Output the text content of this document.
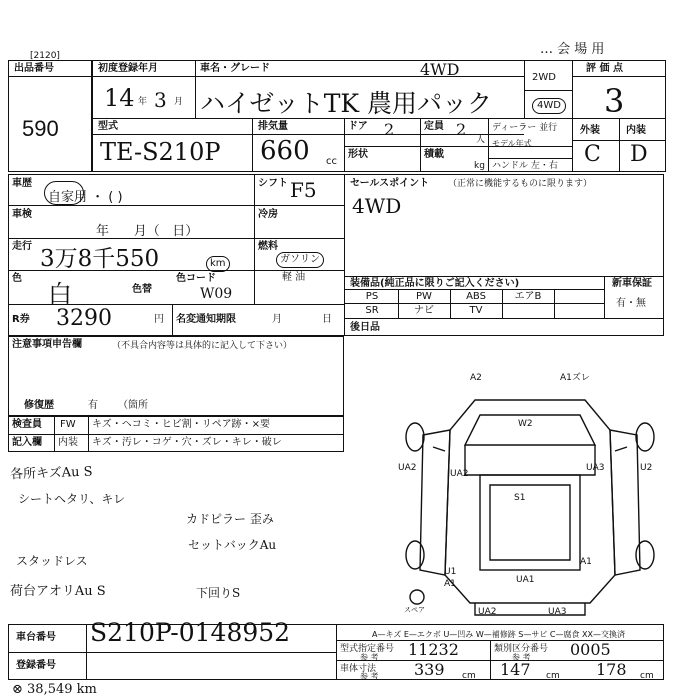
[2120]	… 会 場 用
出品番号
590
初度登録年月
14 年 3 月
車名・グレード	4WD
ハイゼットTK 農用パック
2WD
4WD
評 価 点
3
型式
TE-S210P
排気量
660 cc
ドア 2	定員 2
人
ディーラー 並行 外装	内装
C D
形状	積載
kg
モデル年式
ハンドル 左・右
車歴
自家用 ・ ( )
シフト F5	セールスポイント （正常に機能するものに限ります）
4WD
車検
年      月（   日）
冷房
走行 3万8千550	km
燃料
ガソリン
軽 油
色
白	色替
色コード
W09
装備品(純正品に限りご記入ください)
PS	PW	ABS	エアB
SR	ナビ	TV
新車保証
有・無
R券 3290	円 名変通知期限	月	日
後日品
注意事項申告欄	（不具合内容等は具体的に記入して下さい）
修復歴	有 （箇所
検査員 FW キズ・ヘコミ・ヒビ割・リペア跡・×要
記入欄 内装 キズ・汚レ・コゲ・穴・ズレ・キレ・破レ
各所キズAu S
シートヘタリ、キレ
スタッドレス
荷台アオリAu S
カドピラー 歪み
セットバックAu
下回りS
A2	A1ズレ
W2
UA2
UA2
S1
UA3	U2
U1
A1	UA1
A1
UA2	UA3
スペア
車台番号 S210P-0148952
登録番号
A—キズ E—エクボ U—凹み W—補修跡 S—サビ C—腐食 XX—交換済
型式指定番号
参 考 11232	類別区分番号
参 考 0005
車体寸法
参 考 339 cm 147 cm 178 cm
⊗ 38,549 km
